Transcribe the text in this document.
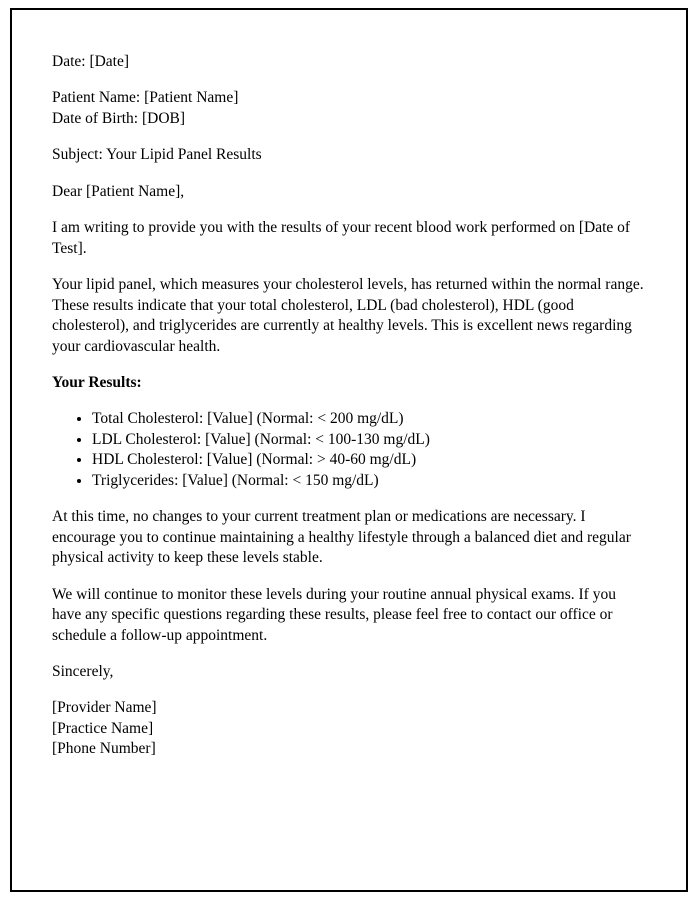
Date: [Date]

Patient Name: [Patient Name]

Date of Birth: [DOB]

Subject: Your Lipid Panel Results

Dear [Patient Name],

I am writing to provide you with the results of your recent blood work performed on [Date of Test].

Your lipid panel, which measures your cholesterol levels, has returned within the normal range. These results indicate that your total cholesterol, LDL (bad cholesterol), HDL (good cholesterol), and triglycerides are currently at healthy levels. This is excellent news regarding your cardiovascular health.

Your Results:

• Total Cholesterol: [Value] (Normal: < 200 mg/dL)
• LDL Cholesterol: [Value] (Normal: < 100-130 mg/dL)
• HDL Cholesterol: [Value] (Normal: > 40-60 mg/dL)
• Triglycerides: [Value] (Normal: < 150 mg/dL)

At this time, no changes to your current treatment plan or medications are necessary. I encourage you to continue maintaining a healthy lifestyle through a balanced diet and regular physical activity to keep these levels stable.

We will continue to monitor these levels during your routine annual physical exams. If you have any specific questions regarding these results, please feel free to contact our office or schedule a follow-up appointment.

Sincerely,

[Provider Name]

[Practice Name]

[Phone Number]
